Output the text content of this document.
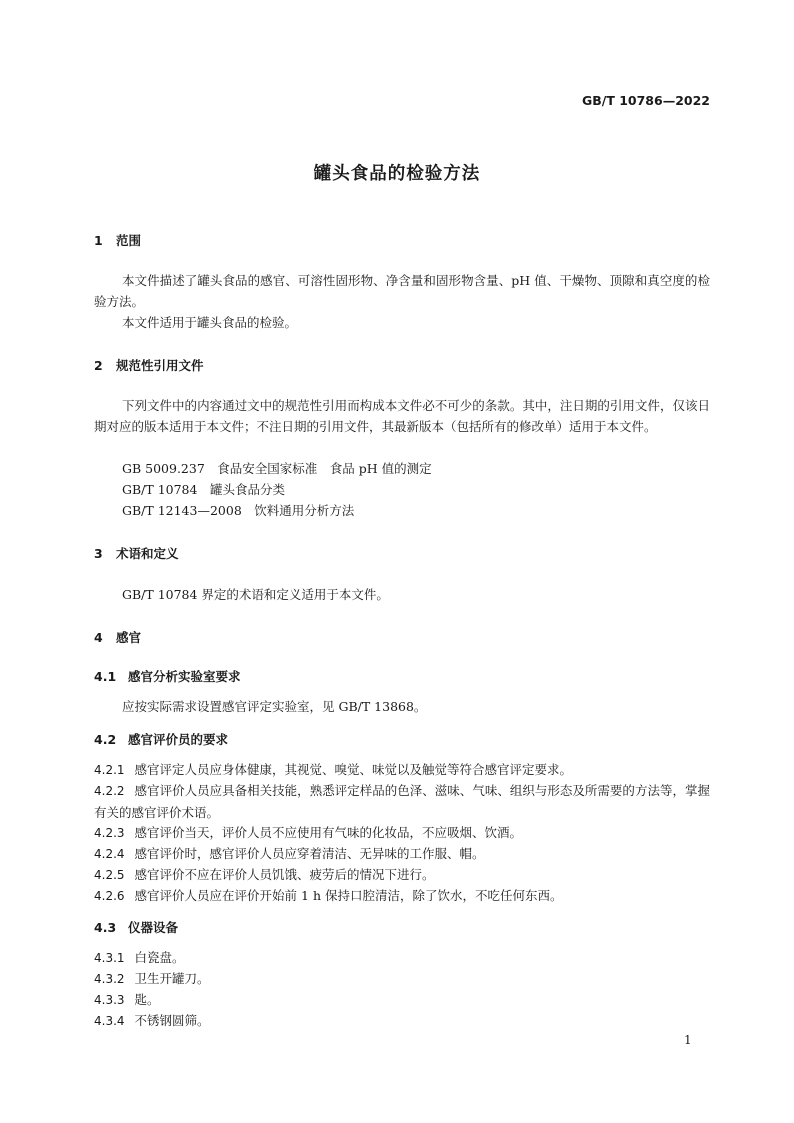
GB/T 10786—2022
罐头食品的检验方法
1 范围
本文件描述了罐头食品的感官、可溶性固形物、净含量和固形物含量、pH 值、干燥物、顶隙和真空度的检验方法。
本文件适用于罐头食品的检验。
2 规范性引用文件
下列文件中的内容通过文中的规范性引用而构成本文件必不可少的条款。其中，注日期的引用文件，仅该日期对应的版本适用于本文件；不注日期的引用文件，其最新版本（包括所有的修改单）适用于本文件。
GB 5009.237　食品安全国家标准　食品 pH 值的测定
GB/T 10784　罐头食品分类
GB/T 12143—2008　饮料通用分析方法
3 术语和定义
GB/T 10784 界定的术语和定义适用于本文件。
4 感官
4.1 感官分析实验室要求
应按实际需求设置感官评定实验室，见 GB/T 13868。
4.2 感官评价员的要求
4.2.1 感官评定人员应身体健康，其视觉、嗅觉、味觉以及触觉等符合感官评定要求。
4.2.2 感官评价人员应具备相关技能，熟悉评定样品的色泽、滋味、气味、组织与形态及所需要的方法等，掌握有关的感官评价术语。
4.2.3 感官评价当天，评价人员不应使用有气味的化妆品，不应吸烟、饮酒。
4.2.4 感官评价时，感官评价人员应穿着清洁、无异味的工作服、帽。
4.2.5 感官评价不应在评价人员饥饿、疲劳后的情况下进行。
4.2.6 感官评价人员应在评价开始前 1 h 保持口腔清洁，除了饮水，不吃任何东西。
4.3 仪器设备
4.3.1 白瓷盘。
4.3.2 卫生开罐刀。
4.3.3 匙。
4.3.4 不锈钢圆筛。
1
